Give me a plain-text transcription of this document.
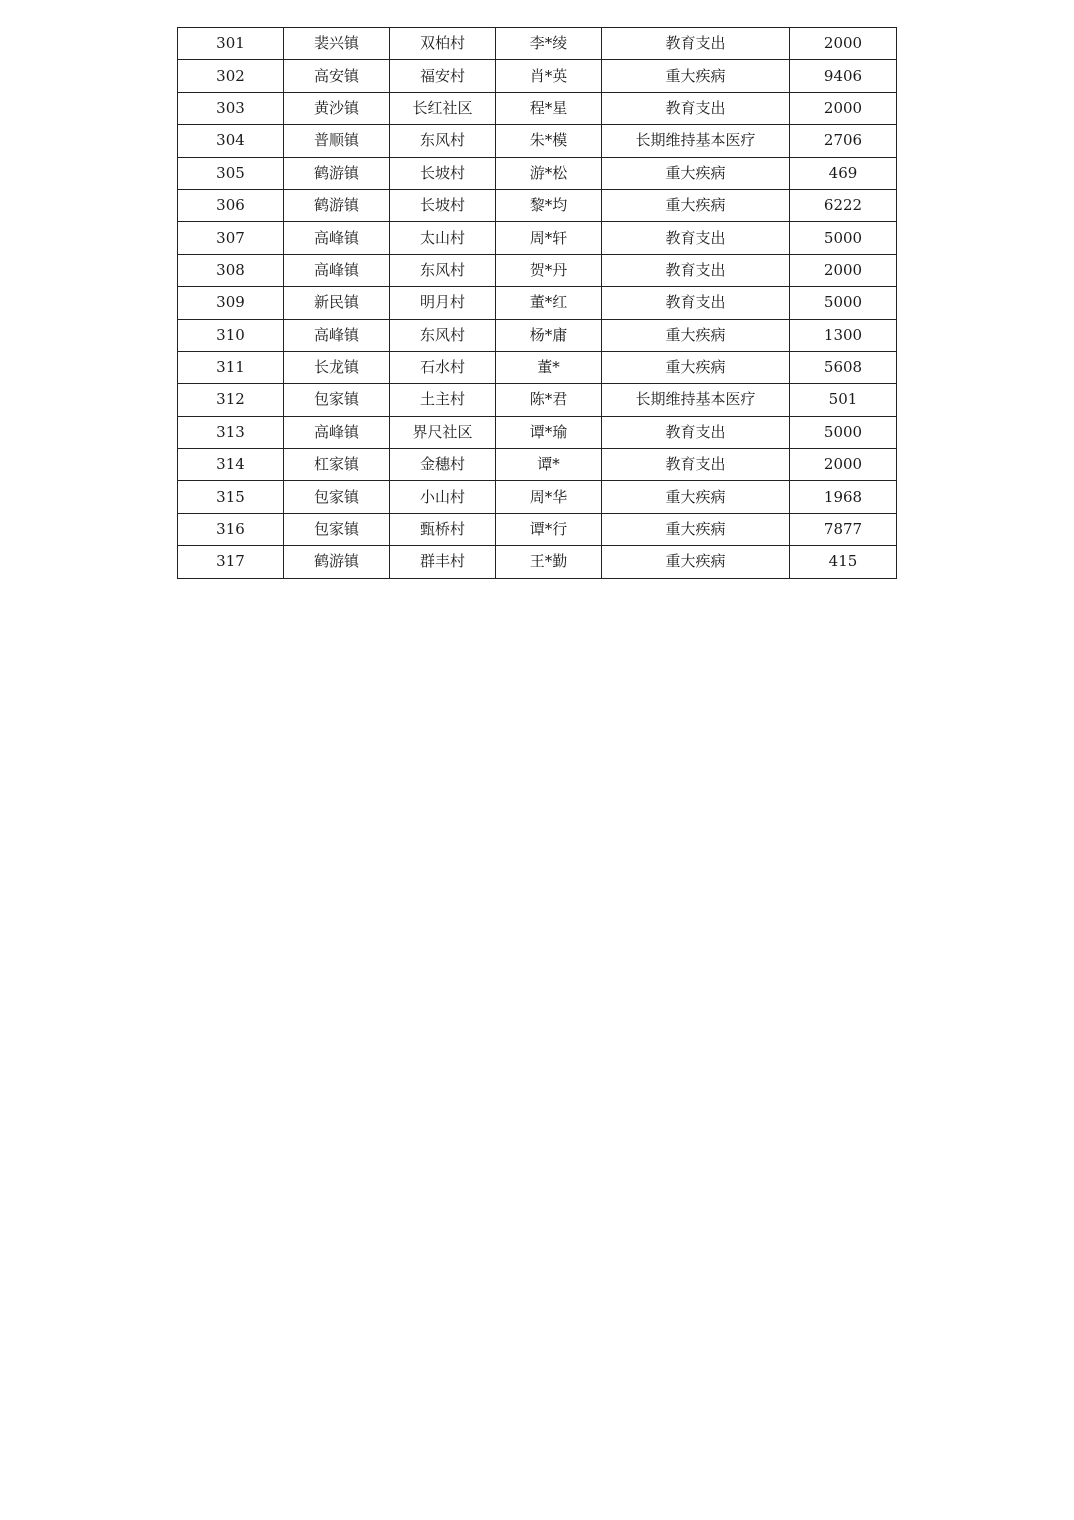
301	裴兴镇	双柏村	李*绫	教育支出	2000
302	高安镇	福安村	肖*英	重大疾病	9406
303	黄沙镇	长红社区	程*星	教育支出	2000
304	普顺镇	东风村	朱*模	长期维持基本医疗	2706
305	鹤游镇	长坡村	游*松	重大疾病	469
306	鹤游镇	长坡村	黎*均	重大疾病	6222
307	高峰镇	太山村	周*轩	教育支出	5000
308	高峰镇	东风村	贺*丹	教育支出	2000
309	新民镇	明月村	董*红	教育支出	5000
310	高峰镇	东风村	杨*庸	重大疾病	1300
311	长龙镇	石水村	董*	重大疾病	5608
312	包家镇	土主村	陈*君	长期维持基本医疗	501
313	高峰镇	界尺社区	谭*瑜	教育支出	5000
314	杠家镇	金穗村	谭*	教育支出	2000
315	包家镇	小山村	周*华	重大疾病	1968
316	包家镇	甄桥村	谭*行	重大疾病	7877
317	鹤游镇	群丰村	王*勤	重大疾病	415
